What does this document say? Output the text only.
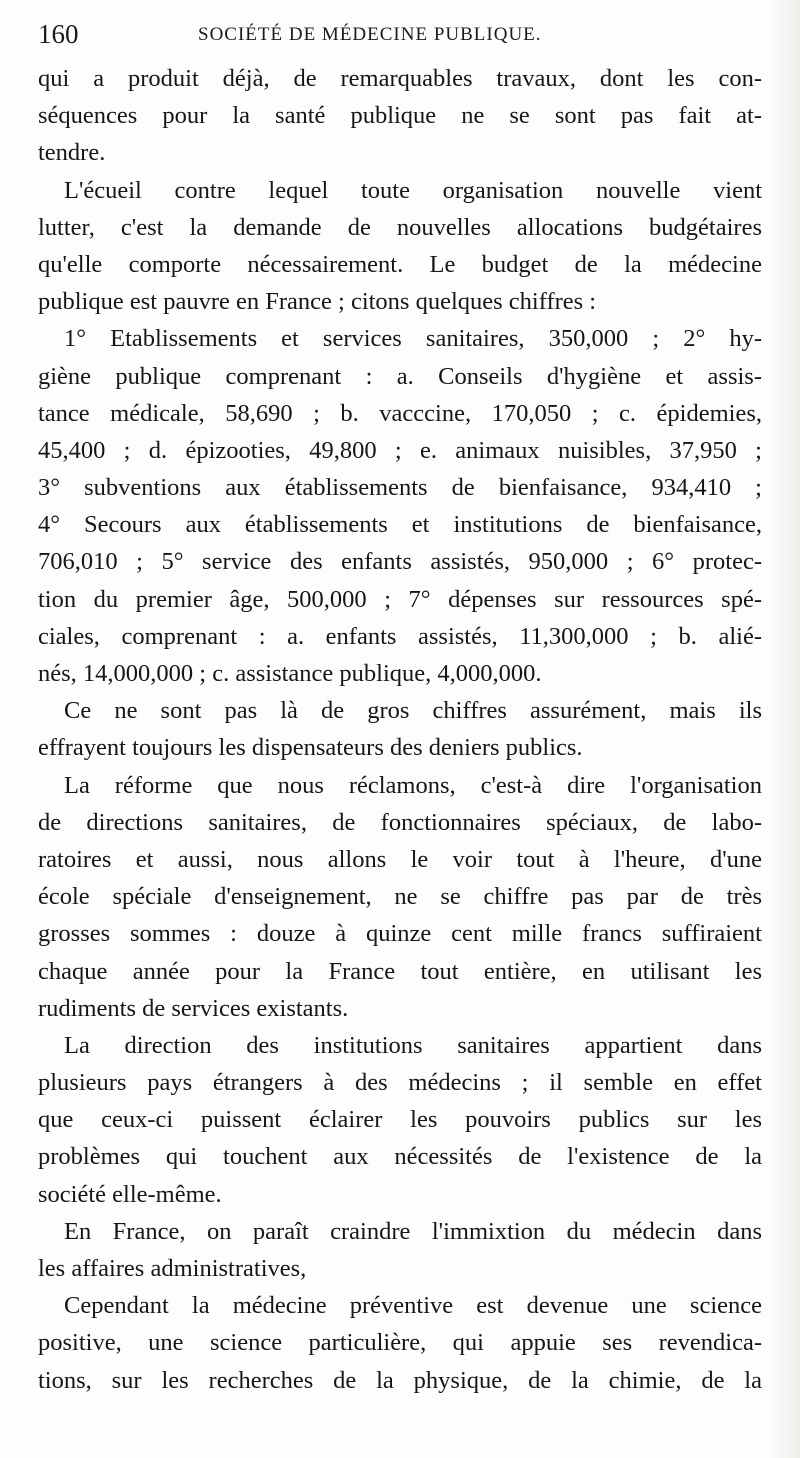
160	SOCIÉTÉ DE MÉDECINE PUBLIQUE.
qui a produit déjà, de remarquables travaux, dont les con-
séquences pour la santé publique ne se sont pas fait at-
tendre.
L'écueil contre lequel toute organisation nouvelle vient
lutter, c'est la demande de nouvelles allocations budgétaires
qu'elle comporte nécessairement. Le budget de la médecine
publique est pauvre en France ; citons quelques chiffres :
1° Etablissements et services sanitaires, 350,000 ; 2° hy-
giène publique comprenant : a. Conseils d'hygiène et assis-
tance médicale, 58,690 ; b. vacccine, 170,050 ; c. épidemies,
45,400 ; d. épizooties, 49,800 ; e. animaux nuisibles, 37,950 ;
3° subventions aux établissements de bienfaisance, 934,410 ;
4° Secours aux établissements et institutions de bienfaisance,
706,010 ; 5° service des enfants assistés, 950,000 ; 6° protec-
tion du premier âge, 500,000 ; 7° dépenses sur ressources spé-
ciales, comprenant : a. enfants assistés, 11,300,000 ; b. alié-
nés, 14,000,000 ; c. assistance publique, 4,000,000.
Ce ne sont pas là de gros chiffres assurément, mais ils
effrayent toujours les dispensateurs des deniers publics.
La réforme que nous réclamons, c'est-à dire l'organisation
de directions sanitaires, de fonctionnaires spéciaux, de labo-
ratoires et aussi, nous allons le voir tout à l'heure, d'une
école spéciale d'enseignement, ne se chiffre pas par de très
grosses sommes : douze à quinze cent mille francs suffiraient
chaque année pour la France tout entière, en utilisant les
rudiments de services existants.
La direction des institutions sanitaires appartient dans
plusieurs pays étrangers à des médecins ; il semble en effet
que ceux-ci puissent éclairer les pouvoirs publics sur les
problèmes qui touchent aux nécessités de l'existence de la
société elle-même.
En France, on paraît craindre l'immixtion du médecin dans
les affaires administratives,
Cependant la médecine préventive est devenue une science
positive, une science particulière, qui appuie ses revendica-
tions, sur les recherches de la physique, de la chimie, de la
